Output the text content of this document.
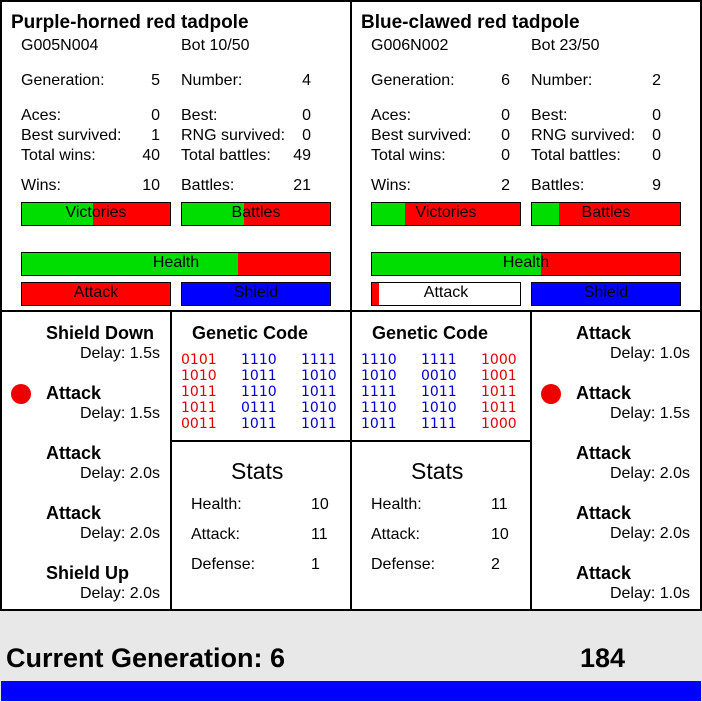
Purple-horned red tadpole
G005N004	Bot 10/50
Generation:	5 Number:	4
Aces:	0 Best:	0
Best survived:	1 RNG survived:	0
Total wins:	40 Total battles:	49
Wins:	10 Battles:	21
Victories	Battles
Health
Attack	Shield
Genetic Code
0101 1110 1111
1010 1011 1010
1011 1110 1011
1011 0111 1010
0011 1011 1011
Stats
Health:	10
Attack:	11
Defense:	1
Shield Down
Delay: 1.5s
Attack
Delay: 1.5s
Attack
Delay: 2.0s
Attack
Delay: 2.0s
Shield Up
Delay: 2.0s
Blue-clawed red tadpole
G006N002	Bot 23/50
Generation:	6 Number:	2
Aces:	0 Best:	0
Best survived:	0 RNG survived:	0
Total wins:	0 Total battles:	0
Wins:	2 Battles:	9
Victories	Battles
Health
Attack	Shield
Genetic Code
1110 1111 1000
1010 0010 1001
1111 1011 1011
1110 1010 1011
1011 1111 1000
Stats
Health:	11
Attack:	10
Defense:	2
Attack
Delay: 1.0s
Attack
Delay: 1.5s
Attack
Delay: 2.0s
Attack
Delay: 2.0s
Attack
Delay: 1.0s
Current Generation: 6	184
